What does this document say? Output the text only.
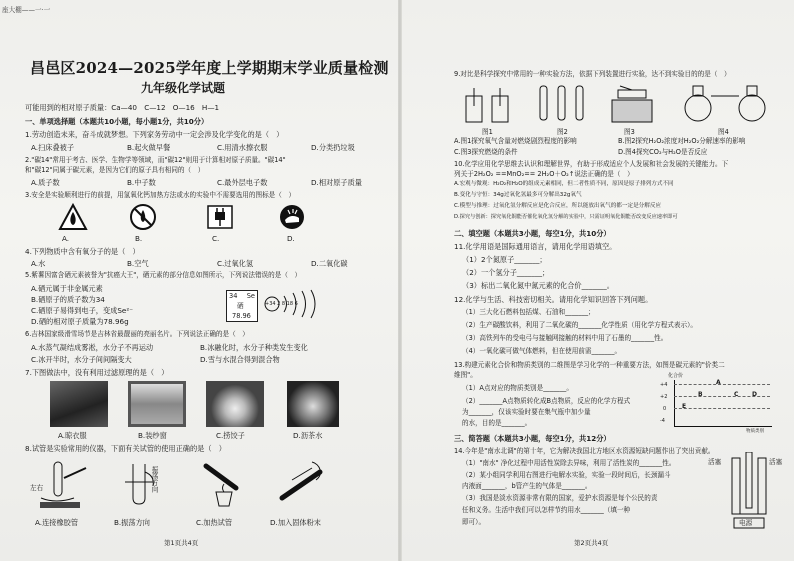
座大棚——一·一
昌邑区2024—2025学年度上学期期末学业质量检测
九年级化学试题
可能用到的相对原子质量：Ca—40　C—12　O—16　H—1
一、单项选择题（本题共10小题，每小题1分，共10分）
1.劳动创造未来，奋斗成就梦想。下列家务劳动中一定会涉及化学变化的是（　）
A.扫床叠被子	B.起火做早餐	C.用清水擦衣服	D.分类扔垃圾
2."碳14"常用于考古、医学、生物学等领域，而"碳12"则用于计算相对原子质量。"碳14"
和"碳12"同属于碳元素，是因为它们的原子具有相同的（　）
A.质子数	B.中子数	C.最外层电子数	D.相对原子质量
3.安全是实验顺利进行的前提，用氢氧化钙加热方法或水的实验中不需要选用的图标是（　）
A.	B.	C.	D.
4.下列物质中含有氧分子的是（　）
A.水	B.空气	C.过氧化氢	D.二氧化碳
5.紫薯因富含硒元素被誉为"抗癌大王"，硒元素的部分信息如图所示，下列说法错误的是（　）
A.硒元属于非金属元素
B.硒原子的质子数为34
C.硒原子易得到电子，变成Se²⁻
D.硒的相对原子质量为78.96g
34 Se
硒
78.96
+34 2 8 18 6
6.吉林国家级滑雪场节是吉林省最靓丽的亮丽名片。下列说法正确的是（　）
A.水蒸气凝结成雾凇，水分子不再运动	B.冰融化时，水分子种类发生变化
C.冰开半时，水分子间间隔变大	D.雪与水混合得到混合物
7.下图做法中，没有利用过滤原理的是（　）
A.晾衣服	B.装纱窗	C.捞饺子	D.沥茶水
8.试管是实验常用的仪器，下面有关试管的使用正确的是（　）
左右	振荡方向
A.连接橡胶管	B.振荡方向	C.加热试管	D.加入固体粉末
第1页共4页
9.对比是科学探究中常用的一种实验方法，依据下列装置进行实验，达不到实验目的的是（　）
图1	图2	图3	图4
A.图1探究氧气含量对燃烧剧烈程度的影响	B.图2探究H₂O₂浓度对H₂O₂分解速率的影响
C.图3探究燃烧的条件	D.图4探究CO₂与H₂O是否反应
10.化学应用化学思维去认识和理解世界，有助于形成适应个人发展和社会发展的关键能力。下
列关于2H₂O₂ ==MnO₂== 2H₂O＋O₂↑说法正确的是（　）
A.宏观与微观：H₂O₂和H₂O的组成元素相同，但二者性质不同，原因是原子排列方式不同
B.变化与守恒：34g过氧化氢最多可分解出32g氧气
C.模型与推理：过氧化氢分解反应是化合反应，所以能放出氧气的都一定是分解反应
D.探究与创新：探究氧化铜能否催化氧化氢分解的实验中，只需证明氧化铜能否改变反应速率即可
二、填空题（本题共3小题，每空1分，共10分）
11.化学用语是国际通用语言，请用化学用语填空。
（1）2个氮原子_______；
（2）一个氢分子_______；
（3）标出二氧化氮中氮元素的化合价_______。
12.化学与生活、科技密切相关。请用化学知识回答下列问题。
（1）三大化石燃料包括煤、石油和_______；
（2）生产碳酸饮料，利用了二氧化碳的_______化学性质（用化学方程式表示）。
（3）高铁列车的受电弓与接触网接触的材料中用了石墨的_______性。
（4）一氧化碳可做气体燃料，但在使用前需_______。
13.构建元素化合价和物质类别的二维图是学习化学的一种重要方法，如图是碳元素的"价类二
维图"。
（1）A点对应的物质类别是_______。
（2）_______A点物质转化成B点物质，反应的化学方程式
为_______，仅该实验时要在集气瓶中加少量
的水，目的是_______。
化合价
+4
+2
0
-4
A
B	C D
E
物质类别
三、简答题（本题共3小题，每空1分，共12分）
14.今年是"南水北调"的第十年，它为解决我国北方地区水资源短缺问题作出了突出贡献。
（1）"南水" 净化过程中用活性炭除去异味，利用了活性炭的_______性。
（2）某小组同学利用右图进行电解水实验，实验一段时间后，长颈漏斗
内液面_______，b管产生的气体是_______。
（3）我国是淡水资源非常有限的国家，爱护水资源是每个公民的责
任和义务。生活中我们可以怎样节约用水_______（填一种
即可）。
活塞	活塞
电源
第2页共4页
